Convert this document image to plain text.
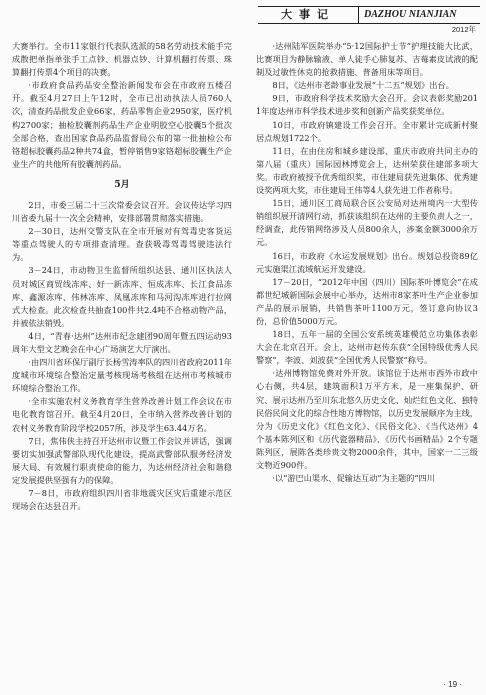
大事记	DAZHOU NIANJIAN
2012年

大赛举行。全市11家银行代表队选派的58名劳动技术能手完成散把单指单张手工点钞、机器点钞、计算机翻打传票、珠算翻打传票4个项目的决赛。

·市政府食品药品安全整治新闻发布会在市政府五楼召开。截至4月27日上午12时，全市已出动执法人员760人次，清查药品批发企业66家，药品零售企业2950家，医疗机构2700家；抽检胶囊剂药品生产企业明胶空心胶囊5个批次全部合格，查出国家食品药品监督局公布的第一批抽检公布铬超标胶囊药品2种共74盒，暂停销售9家铬超标胶囊生产企业生产的共他所有胶囊剂药品。

5月

2日，市委三届二十三次常委会议召开。会议传达学习四川省委九届十一次全会精神，安排部署贯彻落实措施。

2－30日，达州交警支队在全市开展对有驾毒史客货运等重点驾驶人的专项排查清理。查获吸毒驾毒驾驶违法行为。

3－24日，市动物卫生监督所组织达县、通川区执法人员对城区商贸线冻库、好一新冻库、恒成冻库、长江食品冻库、鑫源冻库、伟林冻库、凤凰冻库和马河沟冻库进行拉网式大检查。此次检查共抽查100件共2.4吨不合格动物产品，并被依法销毁。

4日，“青春·达州”达州市纪念建团90周年暨五四运动93周年大型文艺晚会在中心广场演艺大厅演出。

·由四川省环保厅副厅长杨雪涛率队的四川省政府2011年度城市环境综合整治定量考核现场考核组在达州市考核城市环境综合整治工作。

·全市实施农村义务教育学生营养改善计划工作会议在市电化教育馆召开。截至4月20日，全市纳入营养改善计划的农村义务教育阶段学校2057所，涉及学生63.44万名。

7日，焦伟侠主持召开达州市议暨工作会议并讲话，强调要切实加强武警部队现代化建设，提高武警部队服务经济发展大局、有效履行职责使命的能力，为达州经济社会和谐稳定发展提供坚强有力的保障。

7－8日，市政府组织四川省非地震灾区灾后重建示范区现场会在达县召开。

·达州陆军医院举办“5·12国际护士节”护理技能大比武，比赛项目为静脉输液、单人徒手心肺复苏、吉莓素皮试液的配制及过敏性休克的抢救措施、普备用床等项目。

8日，《达州市老龄事业发展“十二五”规划》出台。

9日，市政府科学技术奖励大会召开。会议表彰奖励2011年度达州市科学技术进步奖和创新产品奖获奖单位。

10日，市政府镇建设工作会召开。全市累计完成新村聚居点规划1722个。

11日，在由住房和城乡建设部、重庆市政府共同主办的第八届（重庆）国际园林博览会上，达州荣获住建部多项大奖。市政府被授予优秀组织奖，市住建局获先进集体、优秀建设奖两项大奖，市住建局王伟等4人获先进工作者称号。

15日，通川区工商局联合区公安局对达州境内一大型传销组织展开清网行动，抓获该组织在达州的主要负责人之一，经调查，此传销网络涉及人员800余人，涉案金额3000余万元。

16日，市政府《水运发展规划》出台。规划总投资89亿元实施渠江流域航运开发建设。

17－20日，“2012年中国（四川）国际茶叶博览会”在成都世纪城新国际会展中心举办，达州市8家茶叶生产企业参加产品的展示展销，共销售茶叶1100万元，签订意向协议3份，总价值5000万元。

18日，五年一届的全国公安系统英雄模范立功集体表彰大会在北京召开。会上，达州市赵传东获“全国特级优秀人民警察”，李波、刘波获“全国优秀人民警察”称号。

·达州博物馆免费对外开放。该馆位于达州市西外市政中心右侧，共4层，建筑面积1万平方米，是一座集保护、研究、展示达州乃至川东北悠久历史文化、灿烂红色文化、独特民俗民间文化的综合性地方博物馆，以历史发展顺序为主线，分为《历史文化》《红色文化》、《民俗文化》、《当代达州》4个基本陈列区和《历代瓷器精品》、《历代书画精品》2个专题陈列区，展陈各类珍贵文物2000余件，其中，国家一二三级文物近900件。

·以“游巴山渠水、促输达互动”为主题的“四川

· 19 ·
